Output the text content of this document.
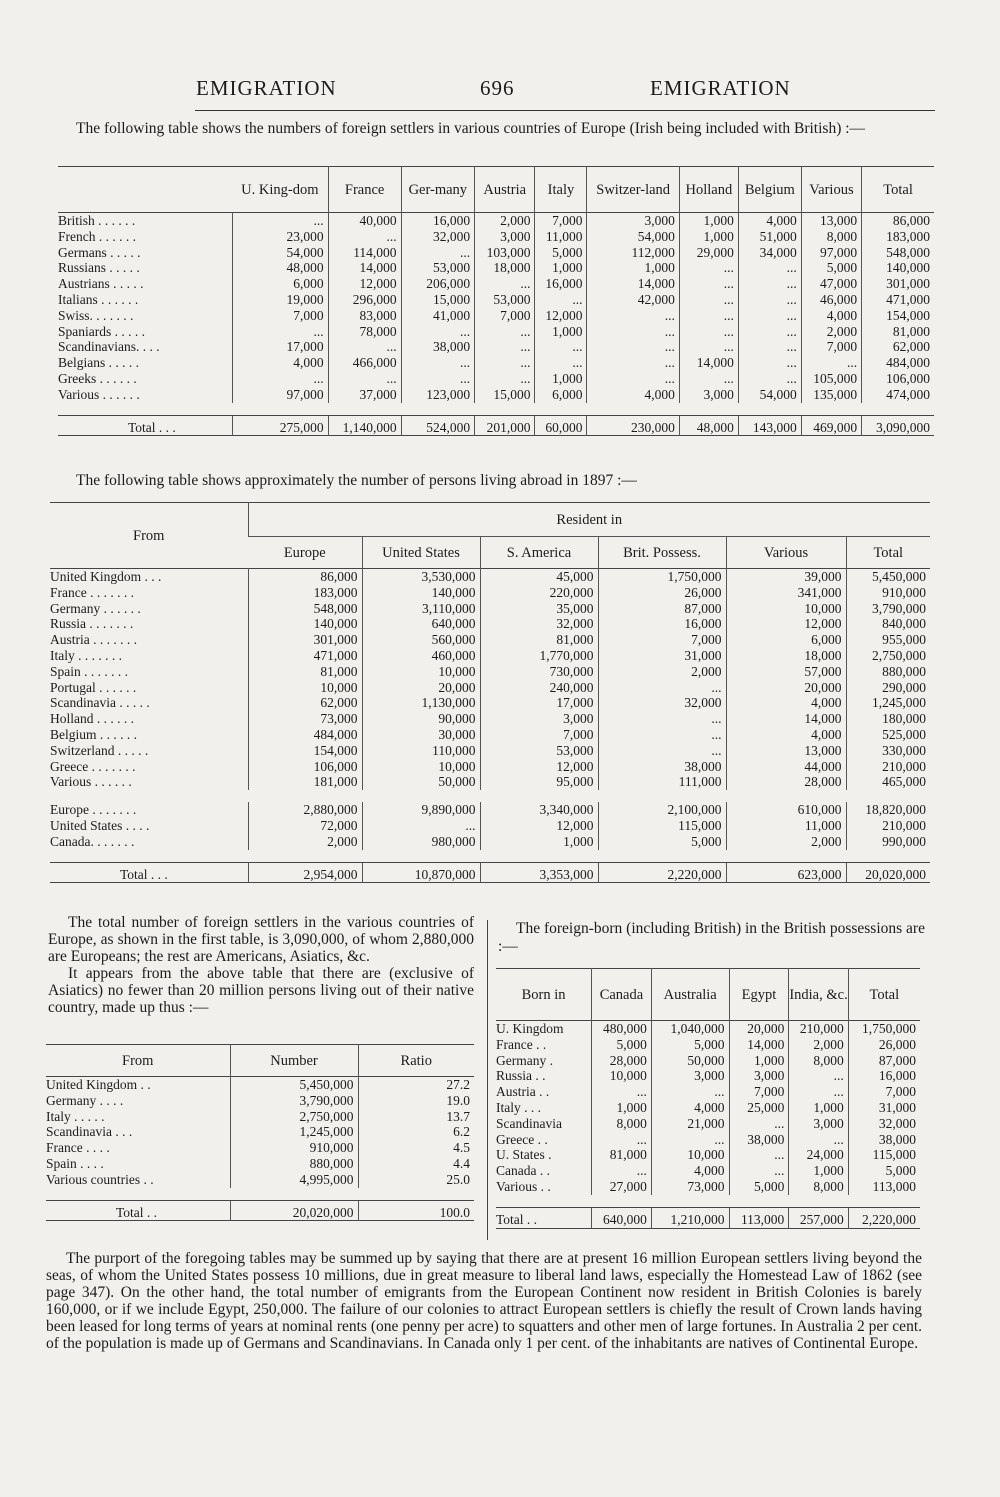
EMIGRATION	696	EMIGRATION
The following table shows the numbers of foreign settlers in various countries of Europe (Irish being included with British) :—
	U. King-dom	France	Ger-many	Austria	Italy	Switzer-land	Holland	Belgium	Various	Total
British . . . . . .	...	40,000	16,000	2,000	7,000	3,000	1,000	4,000	13,000	86,000
French . . . . . .	23,000	...	32,000	3,000	11,000	54,000	1,000	51,000	8,000	183,000
Germans . . . . .	54,000	114,000	...	103,000	5,000	112,000	29,000	34,000	97,000	548,000
Russians . . . . .	48,000	14,000	53,000	18,000	1,000	1,000	...	...	5,000	140,000
Austrians . . . . .	6,000	12,000	206,000	...	16,000	14,000	...	...	47,000	301,000
Italians . . . . . .	19,000	296,000	15,000	53,000	...	42,000	...	...	46,000	471,000
Swiss. . . . . . .	7,000	83,000	41,000	7,000	12,000	...	...	...	4,000	154,000
Spaniards . . . . .	...	78,000	...	...	1,000	...	...	...	2,000	81,000
Scandinavians. . . .	17,000	...	38,000	...	...	...	...	...	7,000	62,000
Belgians . . . . .	4,000	466,000	...	...	...	...	14,000	...	...	484,000
Greeks . . . . . .	...	...	...	...	1,000	...	...	...	105,000	106,000
Various . . . . . .	97,000	37,000	123,000	15,000	6,000	4,000	3,000	54,000	135,000	474,000

Total . . .	275,000	1,140,000	524,000	201,000	60,000	230,000	48,000	143,000	469,000	3,090,000
The following table shows approximately the number of persons living abroad in 1897 :—
From	Resident in					
	Europe	United States	S. America	Brit. Possess.	Various	Total
United Kingdom . . .	86,000	3,530,000	45,000	1,750,000	39,000	5,450,000
France . . . . . . .	183,000	140,000	220,000	26,000	341,000	910,000
Germany . . . . . .	548,000	3,110,000	35,000	87,000	10,000	3,790,000
Russia . . . . . . .	140,000	640,000	32,000	16,000	12,000	840,000
Austria . . . . . . .	301,000	560,000	81,000	7,000	6,000	955,000
Italy . . . . . . .	471,000	460,000	1,770,000	31,000	18,000	2,750,000
Spain . . . . . . .	81,000	10,000	730,000	2,000	57,000	880,000
Portugal . . . . . .	10,000	20,000	240,000	...	20,000	290,000
Scandinavia . . . . .	62,000	1,130,000	17,000	32,000	4,000	1,245,000
Holland . . . . . .	73,000	90,000	3,000	...	14,000	180,000
Belgium . . . . . .	484,000	30,000	7,000	...	4,000	525,000
Switzerland . . . . .	154,000	110,000	53,000	...	13,000	330,000
Greece . . . . . . .	106,000	10,000	12,000	38,000	44,000	210,000
Various . . . . . .	181,000	50,000	95,000	111,000	28,000	465,000

Europe . . . . . . .	2,880,000	9,890,000	3,340,000	2,100,000	610,000	18,820,000
United States . . . .	72,000	...	12,000	115,000	11,000	210,000
Canada. . . . . . .	2,000	980,000	1,000	5,000	2,000	990,000

Total . . .	2,954,000	10,870,000	3,353,000	2,220,000	623,000	20,020,000

The total number of foreign settlers in the various countries of Europe, as shown in the first table, is 3,090,000, of whom 2,880,000 are Europeans; the rest are Americans, Asiatics, &c.

It appears from the above table that there are (exclusive of Asiatics) no fewer than 20 million persons living out of their native country, made up thus :—

From	Number	Ratio
United Kingdom . .	5,450,000	27.2
Germany . . . .	3,790,000	19.0
Italy . . . . .	2,750,000	13.7
Scandinavia . . .	1,245,000	6.2
France . . . .	910,000	4.5
Spain . . . .	880,000	4.4
Various countries . .	4,995,000	25.0

Total . .	20,020,000	100.0
The foreign-born (including British) in the British possessions are :—
Born in	Canada	Australia	Egypt	India, &c.	Total
U. Kingdom	480,000	1,040,000	20,000	210,000	1,750,000
France . .	5,000	5,000	14,000	2,000	26,000
Germany .	28,000	50,000	1,000	8,000	87,000
Russia . .	10,000	3,000	3,000	...	16,000
Austria . .	...	...	7,000	...	7,000
Italy . . .	1,000	4,000	25,000	1,000	31,000
Scandinavia	8,000	21,000	...	3,000	32,000
Greece . .	...	...	38,000	...	38,000
U. States .	81,000	10,000	...	24,000	115,000
Canada . .	...	4,000	...	1,000	5,000
Various . .	27,000	73,000	5,000	8,000	113,000

Total . .	640,000	1,210,000	113,000	257,000	2,220,000

The purport of the foregoing tables may be summed up by saying that there are at present 16 million European settlers living beyond the seas, of whom the United States possess 10 millions, due in great measure to liberal land laws, especially the Homestead Law of 1862 (see page 347). On the other hand, the total number of emigrants from the European Continent now resident in British Colonies is barely 160,000, or if we include Egypt, 250,000. The failure of our colonies to attract European settlers is chiefly the result of Crown lands having been leased for long terms of years at nominal rents (one penny per acre) to squatters and other men of large fortunes. In Australia 2 per cent. of the population is made up of Germans and Scandinavians. In Canada only 1 per cent. of the inhabitants are natives of Continental Europe.
